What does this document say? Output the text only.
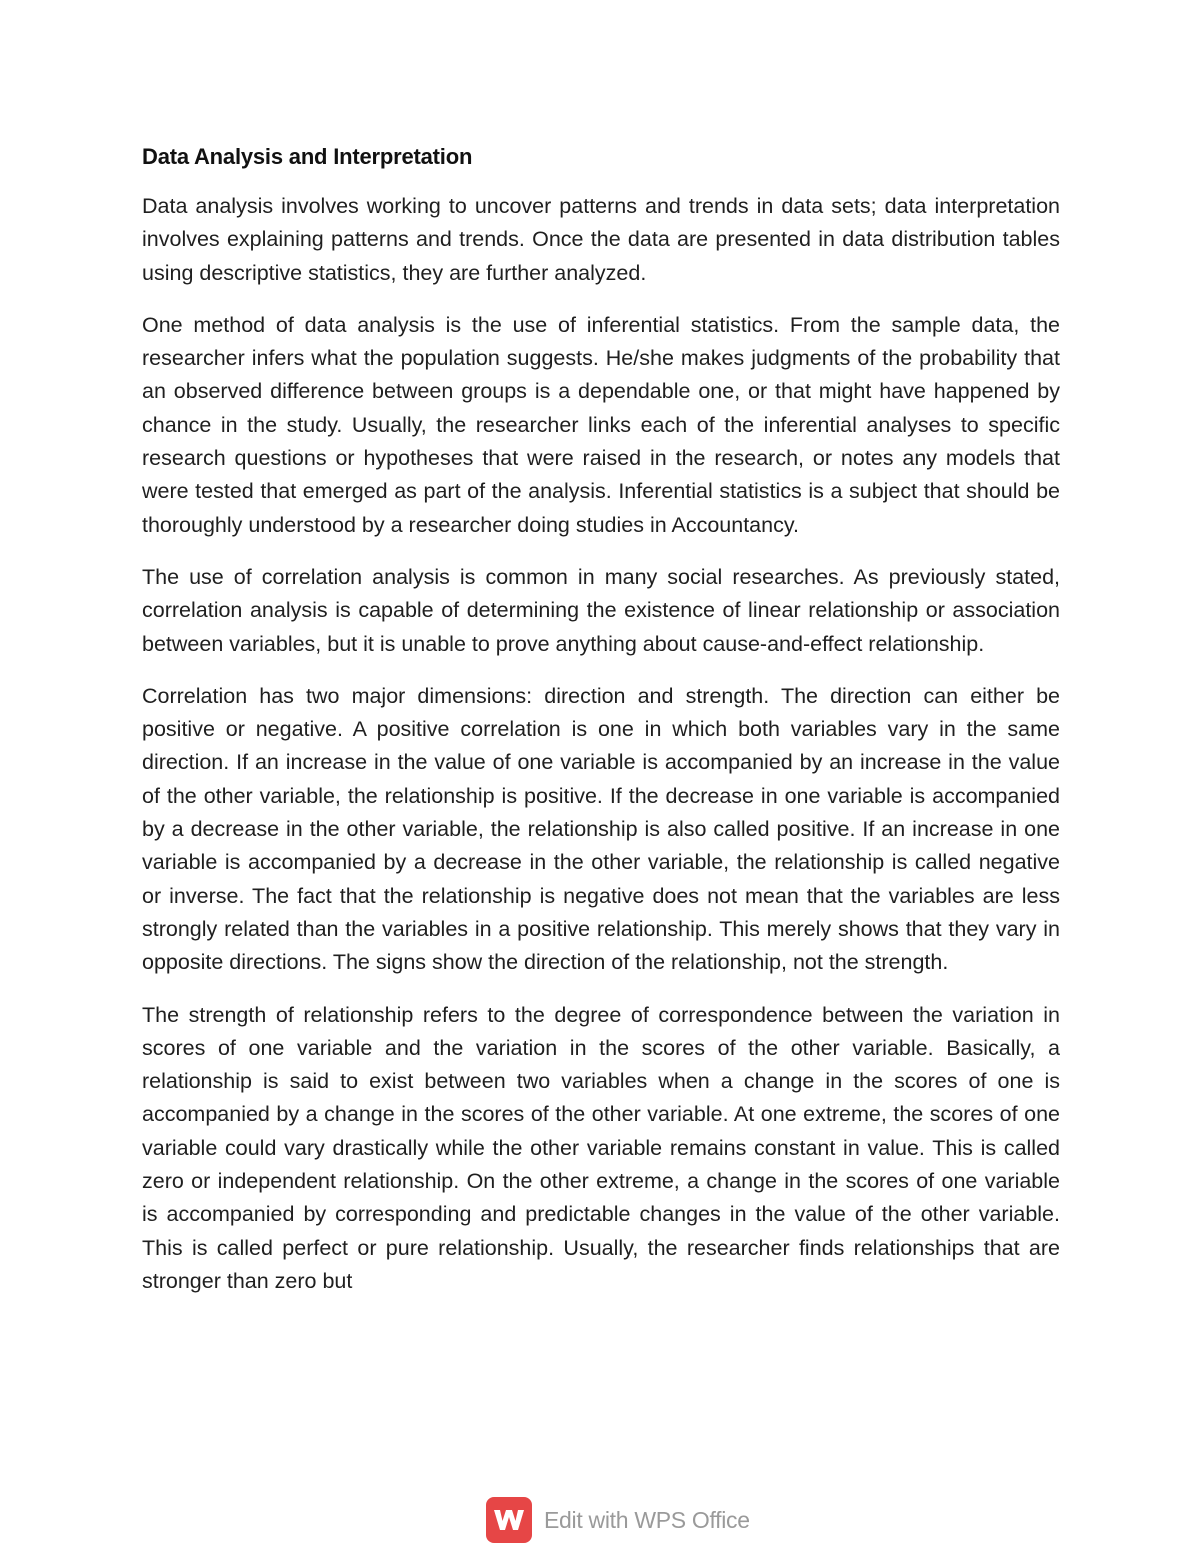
Data Analysis and Interpretation

Data analysis involves working to uncover patterns and trends in data sets; data interpretation involves explaining patterns and trends. Once the data are presented in data distribution tables using descriptive statistics, they are further analyzed.

One method of data analysis is the use of inferential statistics. From the sample data, the researcher infers what the population suggests. He/she makes judgments of the probability that an observed difference between groups is a dependable one, or that might have happened by chance in the study. Usually, the researcher links each of the inferential analyses to specific research questions or hypotheses that were raised in the research, or notes any models that were tested that emerged as part of the analysis. Inferential statistics is a subject that should be thoroughly understood by a researcher doing studies in Accountancy.

The use of correlation analysis is common in many social researches. As previously stated, correlation analysis is capable of determining the existence of linear relationship or association between variables, but it is unable to prove anything about cause-and-effect relationship.

Correlation has two major dimensions: direction and strength. The direction can either be positive or negative. A positive correlation is one in which both variables vary in the same direction. If an increase in the value of one variable is accompanied by an increase in the value of the other variable, the relationship is positive. If the decrease in one variable is accompanied by a decrease in the other variable, the relationship is also called positive. If an increase in one variable is accompanied by a decrease in the other variable, the relationship is called negative or inverse. The fact that the relationship is negative does not mean that the variables are less strongly related than the variables in a positive relationship. This merely shows that they vary in opposite directions. The signs show the direction of the relationship, not the strength.

The strength of relationship refers to the degree of correspondence between the variation in scores of one variable and the variation in the scores of the other variable. Basically, a relationship is said to exist between two variables when a change in the scores of one is accompanied by a change in the scores of the other variable. At one extreme, the scores of one variable could vary drastically while the other variable remains constant in value. This is called zero or independent relationship. On the other extreme, a change in the scores of one variable is accompanied by corresponding and predictable changes in the value of the other variable. This is called perfect or pure relationship. Usually, the researcher finds relationships that are stronger than zero but

Edit with WPS Office
